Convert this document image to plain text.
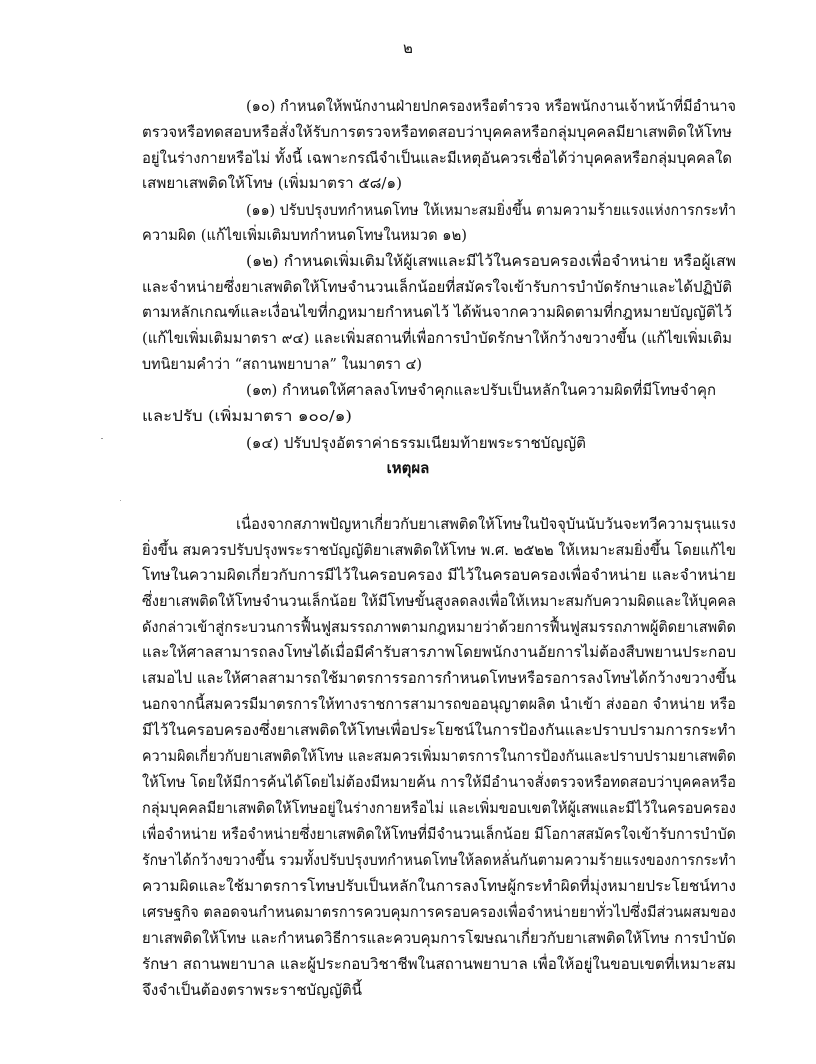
๒
(๑๐) กำหนดให้พนักงานฝ่ายปกครองหรือตำรวจ หรือพนักงานเจ้าหน้าที่มีอำนาจ
ตรวจหรือทดสอบหรือสั่งให้รับการตรวจหรือทดสอบว่าบุคคลหรือกลุ่มบุคคลมียาเสพติดให้โทษ
อยู่ในร่างกายหรือไม่ ทั้งนี้ เฉพาะกรณีจำเป็นและมีเหตุอันควรเชื่อได้ว่าบุคคลหรือกลุ่มบุคคลใด
เสพยาเสพติดให้โทษ (เพิ่มมาตรา ๕๘/๑)
(๑๑) ปรับปรุงบทกำหนดโทษ ให้เหมาะสมยิ่งขึ้น ตามความร้ายแรงแห่งการกระทำ
ความผิด (แก้ไขเพิ่มเติมบทกำหนดโทษในหมวด ๑๒)
(๑๒) กำหนดเพิ่มเติมให้ผู้เสพและมีไว้ในครอบครองเพื่อจำหน่าย หรือผู้เสพ
และจำหน่ายซึ่งยาเสพติดให้โทษจำนวนเล็กน้อยที่สมัครใจเข้ารับการบำบัดรักษาและได้ปฏิบัติ
ตามหลักเกณฑ์และเงื่อนไขที่กฎหมายกำหนดไว้ ได้พ้นจากความผิดตามที่กฎหมายบัญญัติไว้
(แก้ไขเพิ่มเติมมาตรา ๙๔) และเพิ่มสถานที่เพื่อการบำบัดรักษาให้กว้างขวางขึ้น (แก้ไขเพิ่มเติม
บทนิยามคำว่า “สถานพยาบาล” ในมาตรา ๔)
(๑๓) กำหนดให้ศาลลงโทษจำคุกและปรับเป็นหลักในความผิดที่มีโทษจำคุก
และปรับ (เพิ่มมาตรา ๑๐๐/๑)
(๑๔) ปรับปรุงอัตราค่าธรรมเนียมท้ายพระราชบัญญัติ
เหตุผล
เนื่องจากสภาพปัญหาเกี่ยวกับยาเสพติดให้โทษในปัจจุบันนับวันจะทวีความรุนแรง
ยิ่งขึ้น สมควรปรับปรุงพระราชบัญญัติยาเสพติดให้โทษ พ.ศ. ๒๕๒๒ ให้เหมาะสมยิ่งขึ้น โดยแก้ไข
โทษในความผิดเกี่ยวกับการมีไว้ในครอบครอง มีไว้ในครอบครองเพื่อจำหน่าย และจำหน่าย
ซึ่งยาเสพติดให้โทษจำนวนเล็กน้อย ให้มีโทษขั้นสูงลดลงเพื่อให้เหมาะสมกับความผิดและให้บุคคล
ดังกล่าวเข้าสู่กระบวนการฟื้นฟูสมรรถภาพตามกฎหมายว่าด้วยการฟื้นฟูสมรรถภาพผู้ติดยาเสพติด
และให้ศาลสามารถลงโทษได้เมื่อมีคำรับสารภาพโดยพนักงานอัยการไม่ต้องสืบพยานประกอบ
เสมอไป และให้ศาลสามารถใช้มาตรการรอการกำหนดโทษหรือรอการลงโทษได้กว้างขวางขึ้น
นอกจากนี้สมควรมีมาตรการให้ทางราชการสามารถขออนุญาตผลิต นำเข้า ส่งออก จำหน่าย หรือ
มีไว้ในครอบครองซึ่งยาเสพติดให้โทษเพื่อประโยชน์ในการป้องกันและปราบปรามการกระทำ
ความผิดเกี่ยวกับยาเสพติดให้โทษ และสมควรเพิ่มมาตรการในการป้องกันและปราบปรามยาเสพติด
ให้โทษ โดยให้มีการค้นได้โดยไม่ต้องมีหมายค้น การให้มีอำนาจสั่งตรวจหรือทดสอบว่าบุคคลหรือ
กลุ่มบุคคลมียาเสพติดให้โทษอยู่ในร่างกายหรือไม่ และเพิ่มขอบเขตให้ผู้เสพและมีไว้ในครอบครอง
เพื่อจำหน่าย หรือจำหน่ายซึ่งยาเสพติดให้โทษที่มีจำนวนเล็กน้อย มีโอกาสสมัครใจเข้ารับการบำบัด
รักษาได้กว้างขวางขึ้น รวมทั้งปรับปรุงบทกำหนดโทษให้ลดหลั่นกันตามความร้ายแรงของการกระทำ
ความผิดและใช้มาตรการโทษปรับเป็นหลักในการลงโทษผู้กระทำผิดที่มุ่งหมายประโยชน์ทาง
เศรษฐกิจ ตลอดจนกำหนดมาตรการควบคุมการครอบครองเพื่อจำหน่ายยาทั่วไปซึ่งมีส่วนผสมของ
ยาเสพติดให้โทษ และกำหนดวิธีการและควบคุมการโฆษณาเกี่ยวกับยาเสพติดให้โทษ การบำบัด
รักษา สถานพยาบาล และผู้ประกอบวิชาชีพในสถานพยาบาล เพื่อให้อยู่ในขอบเขตที่เหมาะสม
จึงจำเป็นต้องตราพระราชบัญญัตินี้
